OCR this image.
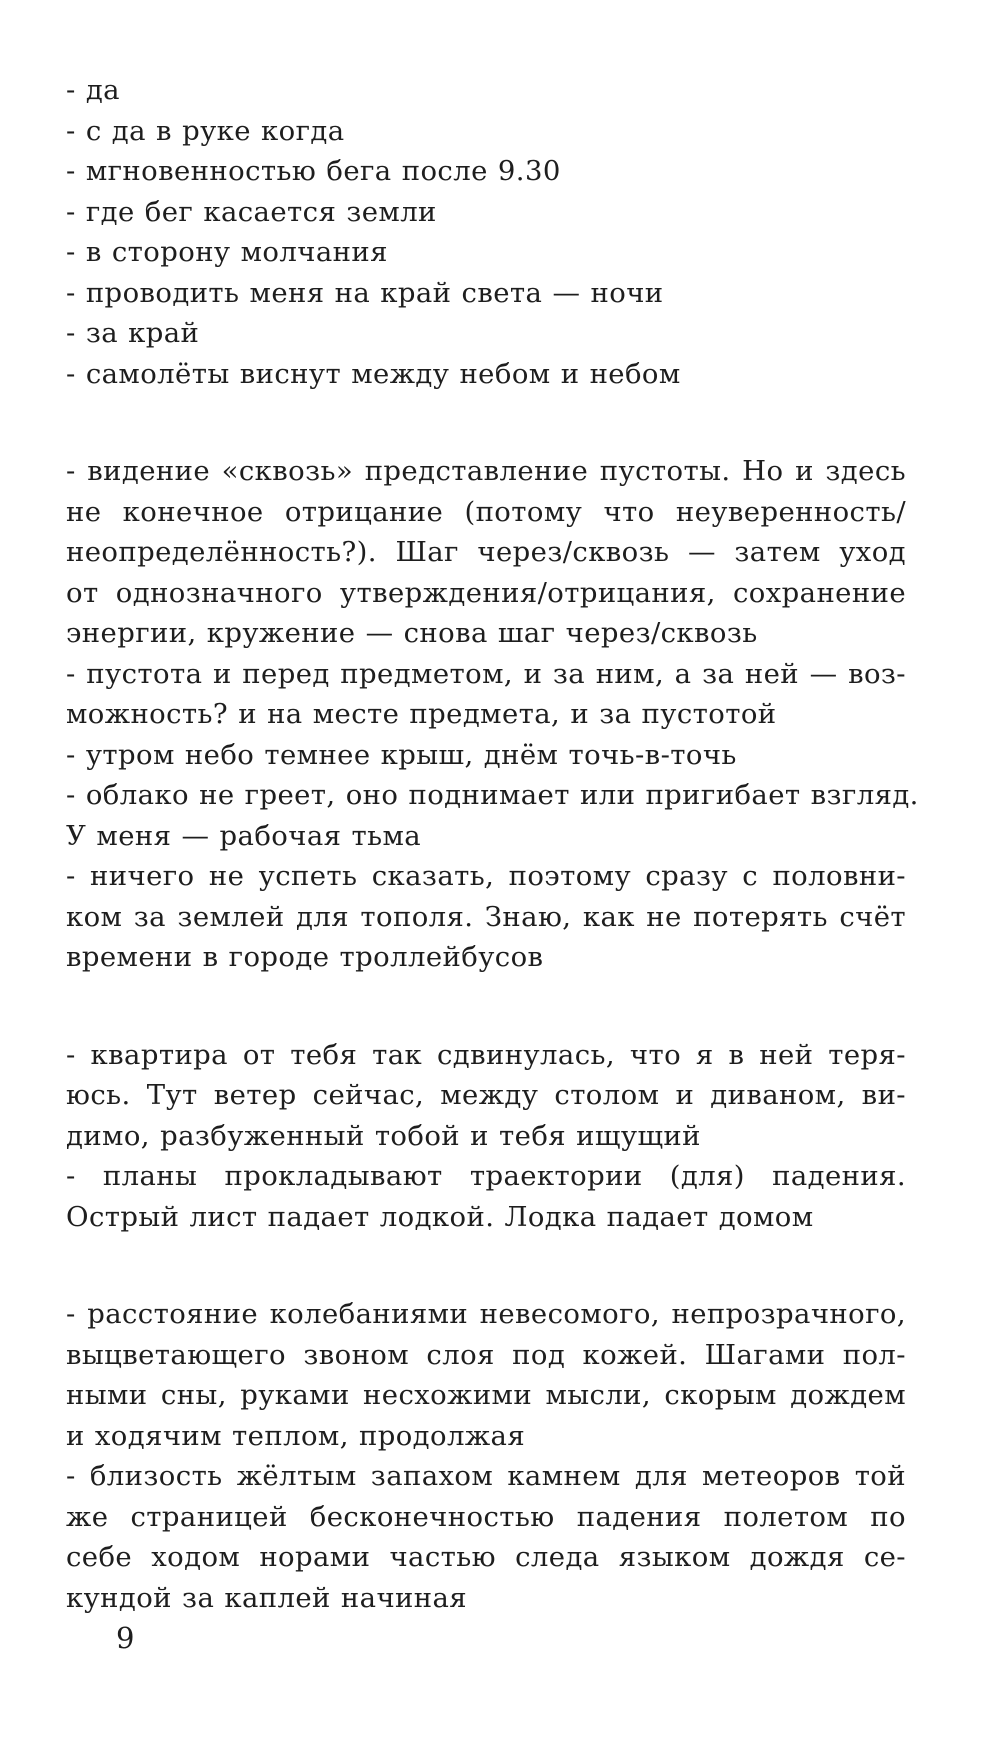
- да
- с да в руке когда
- мгновенностью бега после 9.30
- где бег касается земли
- в сторону молчания
- проводить меня на край света — ночи
- за край
- самолёты виснут между небом и небом
- видение «сквозь» представление пустоты. Но и здесь
не конечное отрицание (потому что неуверенность/
неопределённость?). Шаг через/сквозь — затем уход
от однозначного утверждения/отрицания, сохранение
энергии, кружение — снова шаг через/сквозь
- пустота и перед предметом, и за ним, а за ней — воз-
можность? и на месте предмета, и за пустотой
- утром небо темнее крыш, днём точь-в-точь
- облако не греет, оно поднимает или пригибает взгляд.
У меня — рабочая тьма
- ничего не успеть сказать, поэтому сразу с половни-
ком за землей для тополя. Знаю, как не потерять счёт
времени в городе троллейбусов
- квартира от тебя так сдвинулась, что я в ней теря-
юсь. Тут ветер сейчас, между столом и диваном, ви-
димо, разбуженный тобой и тебя ищущий
- планы прокладывают траектории (для) падения.
Острый лист падает лодкой. Лодка падает домом
- расстояние колебаниями невесомого, непрозрачного,
выцветающего звоном слоя под кожей. Шагами пол-
ными сны, руками несхожими мысли, скорым дождем
и ходячим теплом, продолжая
- близость жёлтым запахом камнем для метеоров той
же страницей бесконечностью падения полетом по
себе ходом норами частью следа языком дождя се-
кундой за каплей начиная
9
